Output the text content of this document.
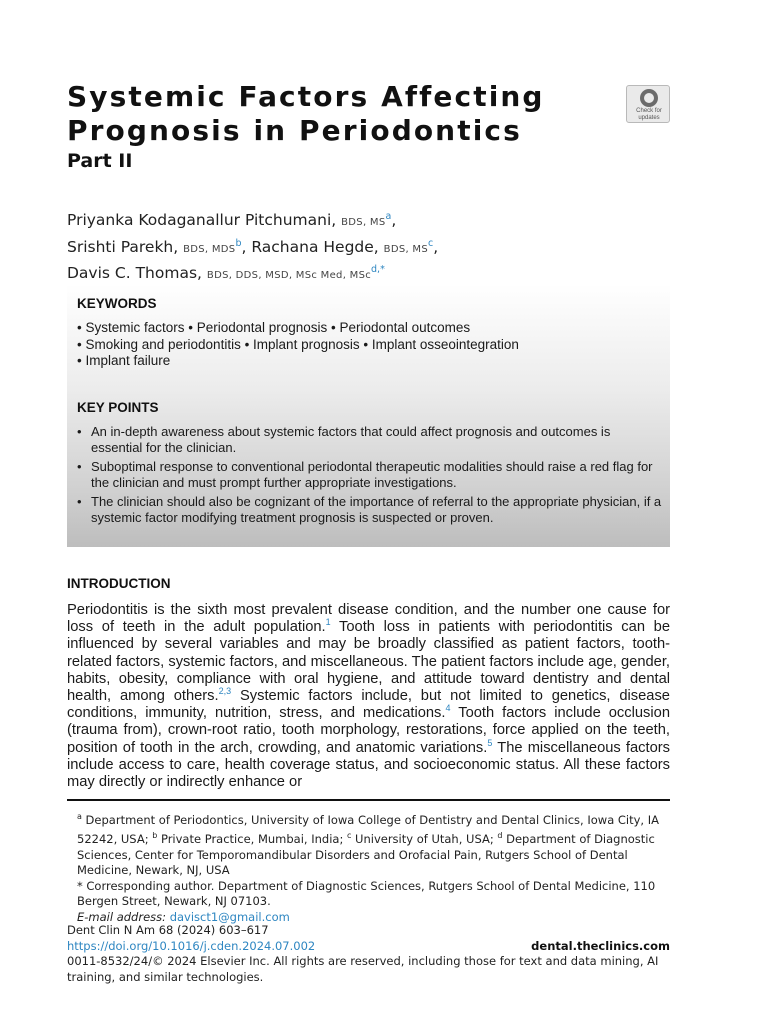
Systemic Factors Affecting
Prognosis in Periodontics
Part II
Check for
updates
Priyanka Kodaganallur Pitchumani, BDS, $MS^a$,
Srishti Parekh, BDS, MDS$^b$, Rachana Hegde, BDS, $MS^c$,
Davis C. Thomas, BDS, DDS, MSD, MSc Med, MSc$^{d,*}$
KEYWORDS
• Systemic factors • Periodontal prognosis • Periodontal outcomes
• Smoking and periodontitis • Implant prognosis • Implant osseointegration
• Implant failure
KEY POINTS
• An in-depth awareness about systemic factors that could affect prognosis and outcomes is essential for the clinician.
• Suboptimal response to conventional periodontal therapeutic modalities should raise a red flag for the clinician and must prompt further appropriate investigations.
• The clinician should also be cognizant of the importance of referral to the appropriate physician, if a systemic factor modifying treatment prognosis is suspected or proven.
INTRODUCTION

Periodontitis is the sixth most prevalent disease condition, and the number one cause for loss of teeth in the adult population.$^1$ Tooth loss in patients with periodontitis can be influenced by several variables and may be broadly classified as patient factors, tooth-related factors, systemic factors, and miscellaneous. The patient factors include age, gender, habits, obesity, compliance with oral hygiene, and attitude toward dentistry and dental health, among others.$^{2,3}$ Systemic factors include, but not limited to genetics, disease conditions, immunity, nutrition, stress, and medications.$^4$ Tooth factors include occlusion (trauma from), crown-root ratio, tooth morphology, restorations, force applied on the teeth, position of tooth in the arch, crowding, and anatomic variations.$^5$ The miscellaneous factors include access to care, health coverage status, and socioeconomic status. All these factors may directly or indirectly enhance or

$^a$ Department of Periodontics, University of Iowa College of Dentistry and Dental Clinics, Iowa City, IA 52242, USA; $^b$ Private Practice, Mumbai, India; $^c$ University of Utah, USA; $^d$ Department of Diagnostic Sciences, Center for Temporomandibular Disorders and Orofacial Pain, Rutgers School of Dental Medicine, Newark, NJ, USA

* Corresponding author. Department of Diagnostic Sciences, Rutgers School of Dental Medicine, 110 Bergen Street, Newark, NJ 07103.

E-mail address: davisct1@gmail.com

Dent Clin N Am 68 (2024) 603–617
https://doi.org/10.1016/j.cden.2024.07.002	dental.theclinics.com
0011-8532/24/© 2024 Elsevier Inc. All rights are reserved, including those for text and data mining, AI training, and similar technologies.
